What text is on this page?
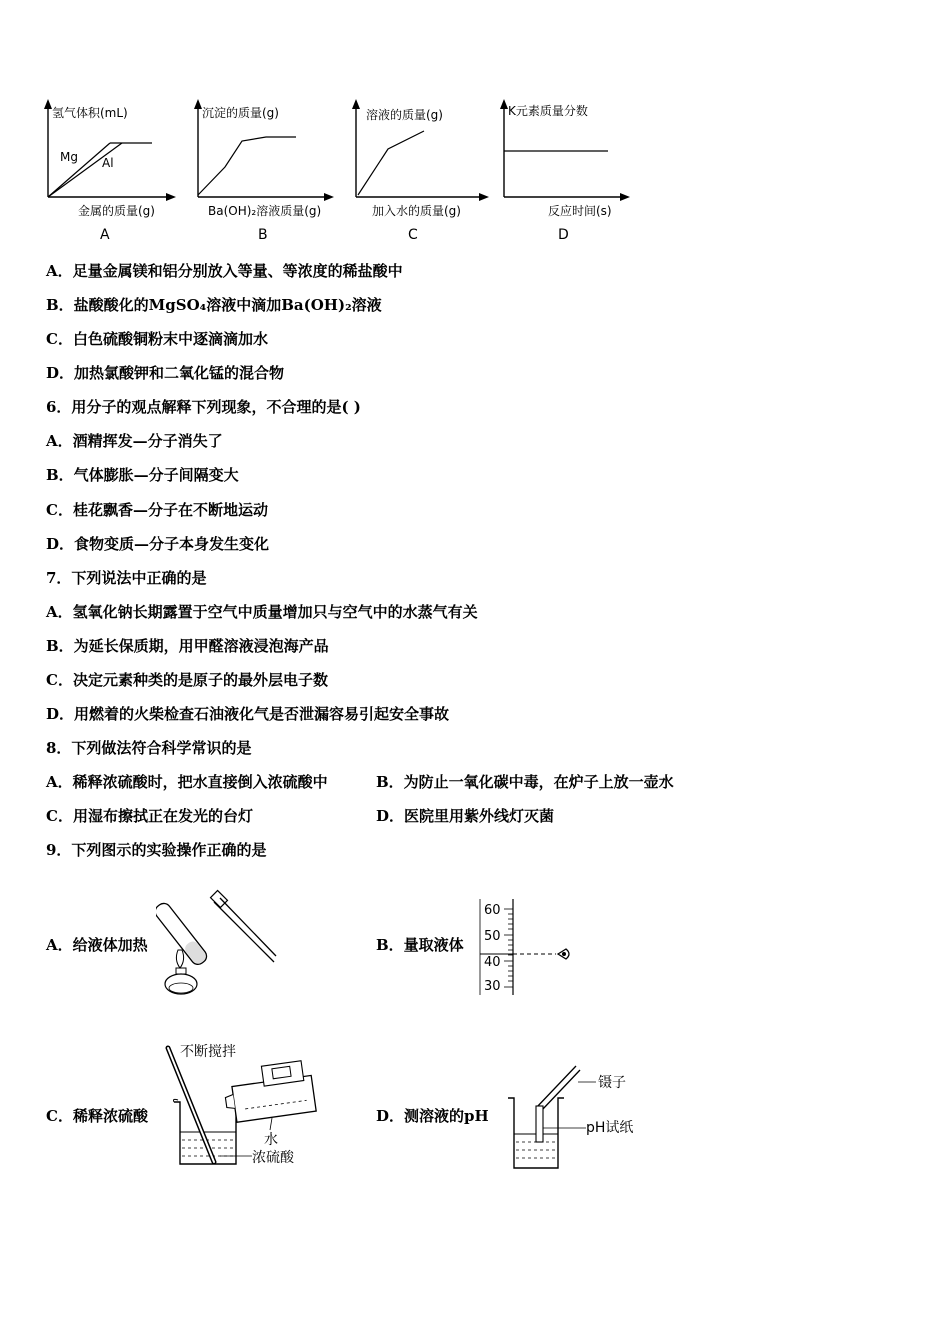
氢气体积(mL)
Mg Al
金属的质量(g)
A
沉淀的质量(g)
Ba(OH)₂溶液质量(g)
B
溶液的质量(g)
加入水的质量(g)
C
K元素质量分数
反应时间(s)
D
A．足量金属镁和铝分别放入等量、等浓度的稀盐酸中
B．盐酸酸化的MgSO₄溶液中滴加Ba(OH)₂溶液
C．白色硫酸铜粉末中逐滴滴加水
D．加热氯酸钾和二氧化锰的混合物
6．用分子的观点解释下列现象，不合理的是( )
A．酒精挥发—分子消失了
B．气体膨胀—分子间隔变大
C．桂花飘香—分子在不断地运动
D．食物变质—分子本身发生变化
7．下列说法中正确的是
A．氢氧化钠长期露置于空气中质量增加只与空气中的水蒸气有关
B．为延长保质期，用甲醛溶液浸泡海产品
C．决定元素种类的是原子的最外层电子数
D．用燃着的火柴检查石油液化气是否泄漏容易引起安全事故
8．下列做法符合科学常识的是
A．稀释浓硫酸时，把水直接倒入浓硫酸中	B．为防止一氧化碳中毒，在炉子上放一壶水
C．用湿布擦拭正在发光的台灯	D．医院里用紫外线灯灭菌
9．下列图示的实验操作正确的是
A．给液体加热	B．量取液体
C．稀释浓硫酸	D．测溶液的pH
60
50
40
30
不断搅拌
水
浓硫酸
镊子
pH试纸
